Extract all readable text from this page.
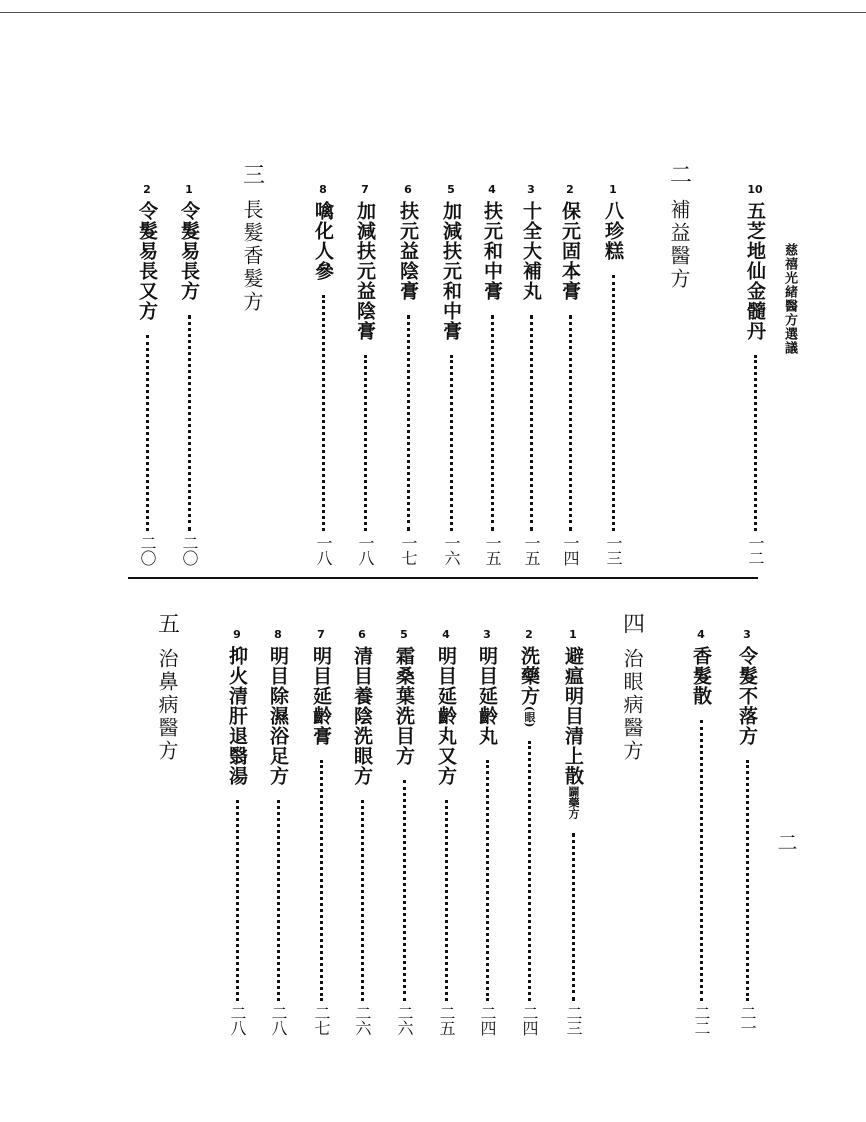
慈禧光緒醫方選議
二
10
五芝地仙金髓丹
一二
二
補益醫方
1
八珍糕
一三
2
保元固本膏
一四
3
十全大補丸
一五
4
扶元和中膏
一五
5
加減扶元和中膏
一六
6
扶元益陰膏
一七
7
加減扶元益陰膏
一八
8
噙化人參
一八
三
長髮香髮方
1
令髮易長方
二〇
2
令髮易長又方
二〇
3
令髮不落方
二一
4
香髮散
二二
四
治眼病醫方
1
避瘟明目清上散闢藥方
二三
2
洗藥方(眼)
二四
3
明目延齡丸
二四
4
明目延齡丸又方
二五
5
霜桑葉洗目方
二六
6
清目養陰洗眼方
二六
7
明目延齡膏
二七
8
明目除濕浴足方
二八
9
抑火清肝退翳湯
二八
五
治鼻病醫方
